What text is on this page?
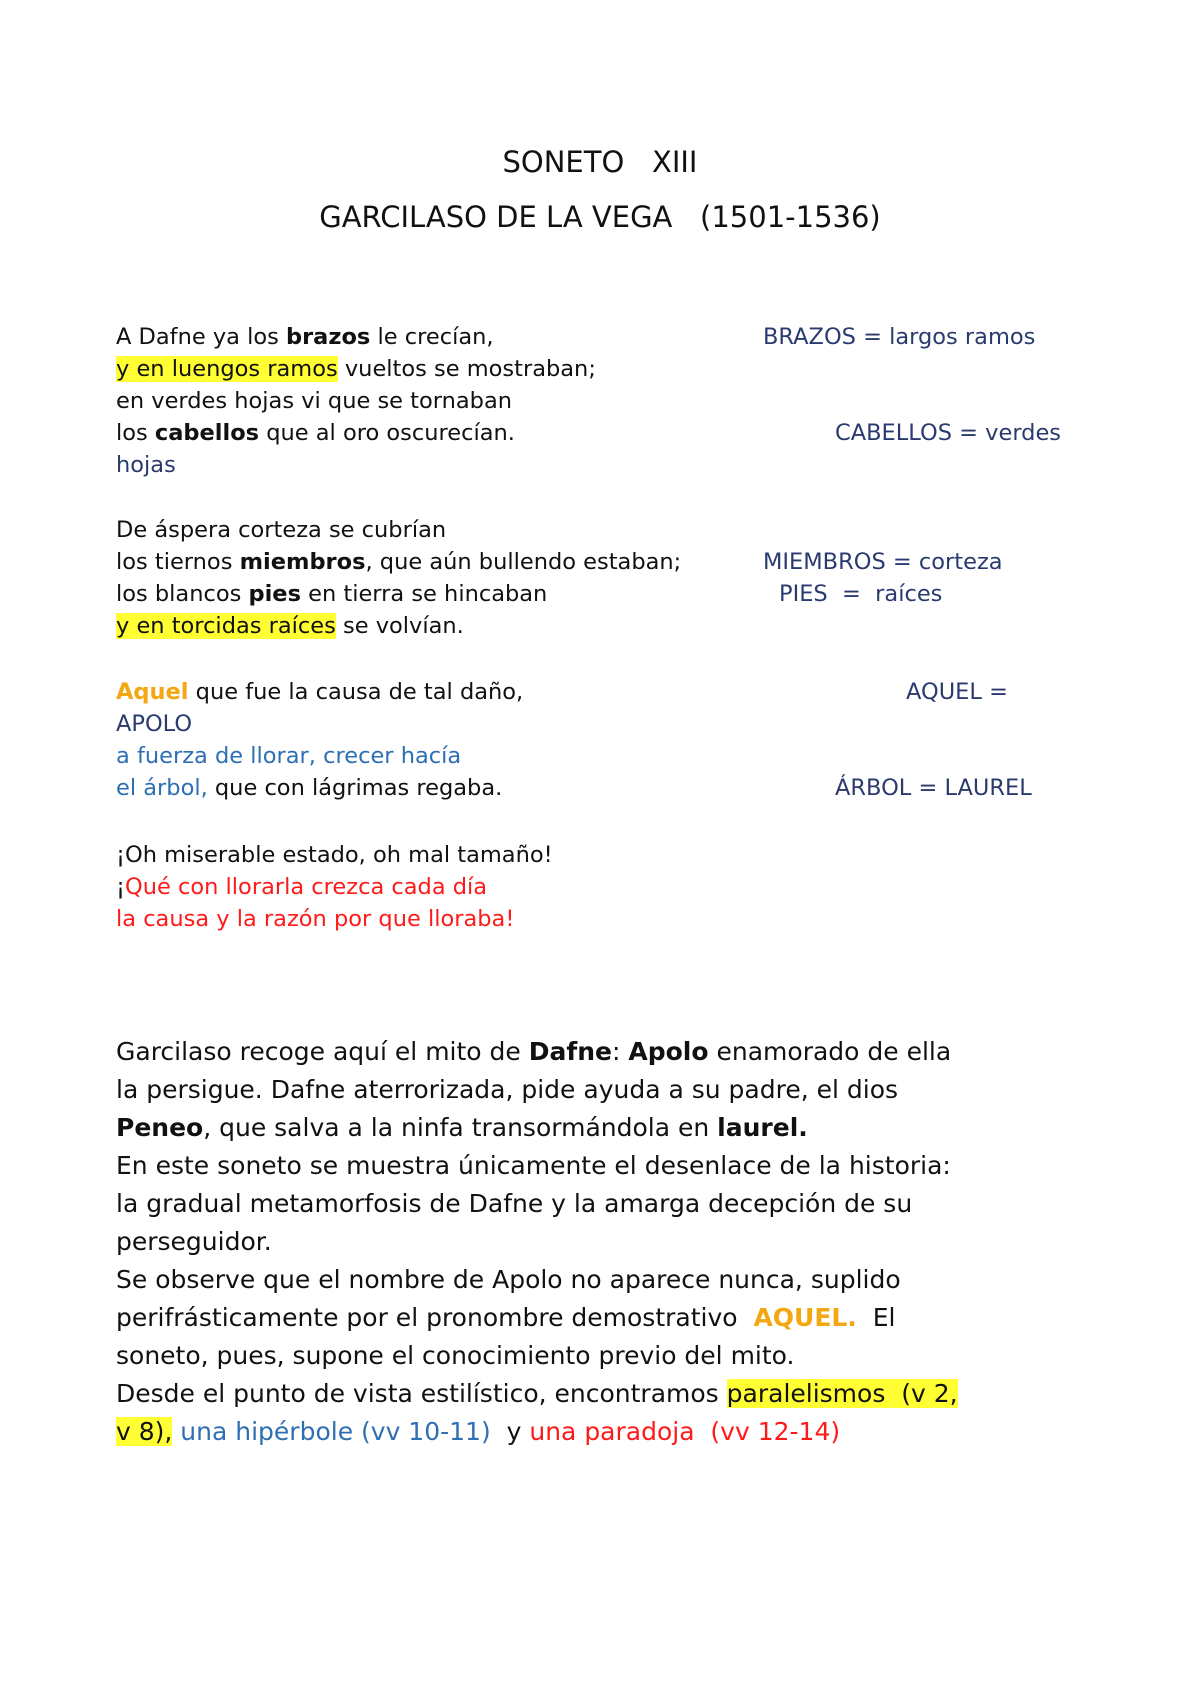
SONETO   XIII
GARCILASO DE LA VEGA   (1501-1536)
A Dafne ya los brazos le crecían,
y en luengos ramos vueltos se mostraban;
en verdes hojas vi que se tornaban
los cabellos que al oro oscurecían.
hojas
BRAZOS = largos ramos
CABELLOS = verdes
De áspera corteza se cubrían
los tiernos miembros, que aún bullendo estaban;
los blancos pies en tierra se hincaban
y en torcidas raíces se volvían.
MIEMBROS = corteza
PIES  =  raíces
Aquel que fue la causa de tal daño,
APOLO
a fuerza de llorar, crecer hacía
el árbol, que con lágrimas regaba.
AQUEL =
ÁRBOL = LAUREL
¡Oh miserable estado, oh mal tamaño!
¡Qué con llorarla crezca cada día
la causa y la razón por que lloraba!
Garcilaso recoge aquí el mito de Dafne: Apolo enamorado de ella
la persigue. Dafne aterrorizada, pide ayuda a su padre, el dios
Peneo, que salva a la ninfa transormándola en laurel.
En este soneto se muestra únicamente el desenlace de la historia:
la gradual metamorfosis de Dafne y la amarga decepción de su
perseguidor.
Se observe que el nombre de Apolo no aparece nunca, suplido
perifrásticamente por el pronombre demostrativo  AQUEL.  El
soneto, pues, supone el conocimiento previo del mito.
Desde el punto de vista estilístico, encontramos paralelismos  (v 2,
v 8), una hipérbole (vv 10-11)  y una paradoja  (vv 12-14)
